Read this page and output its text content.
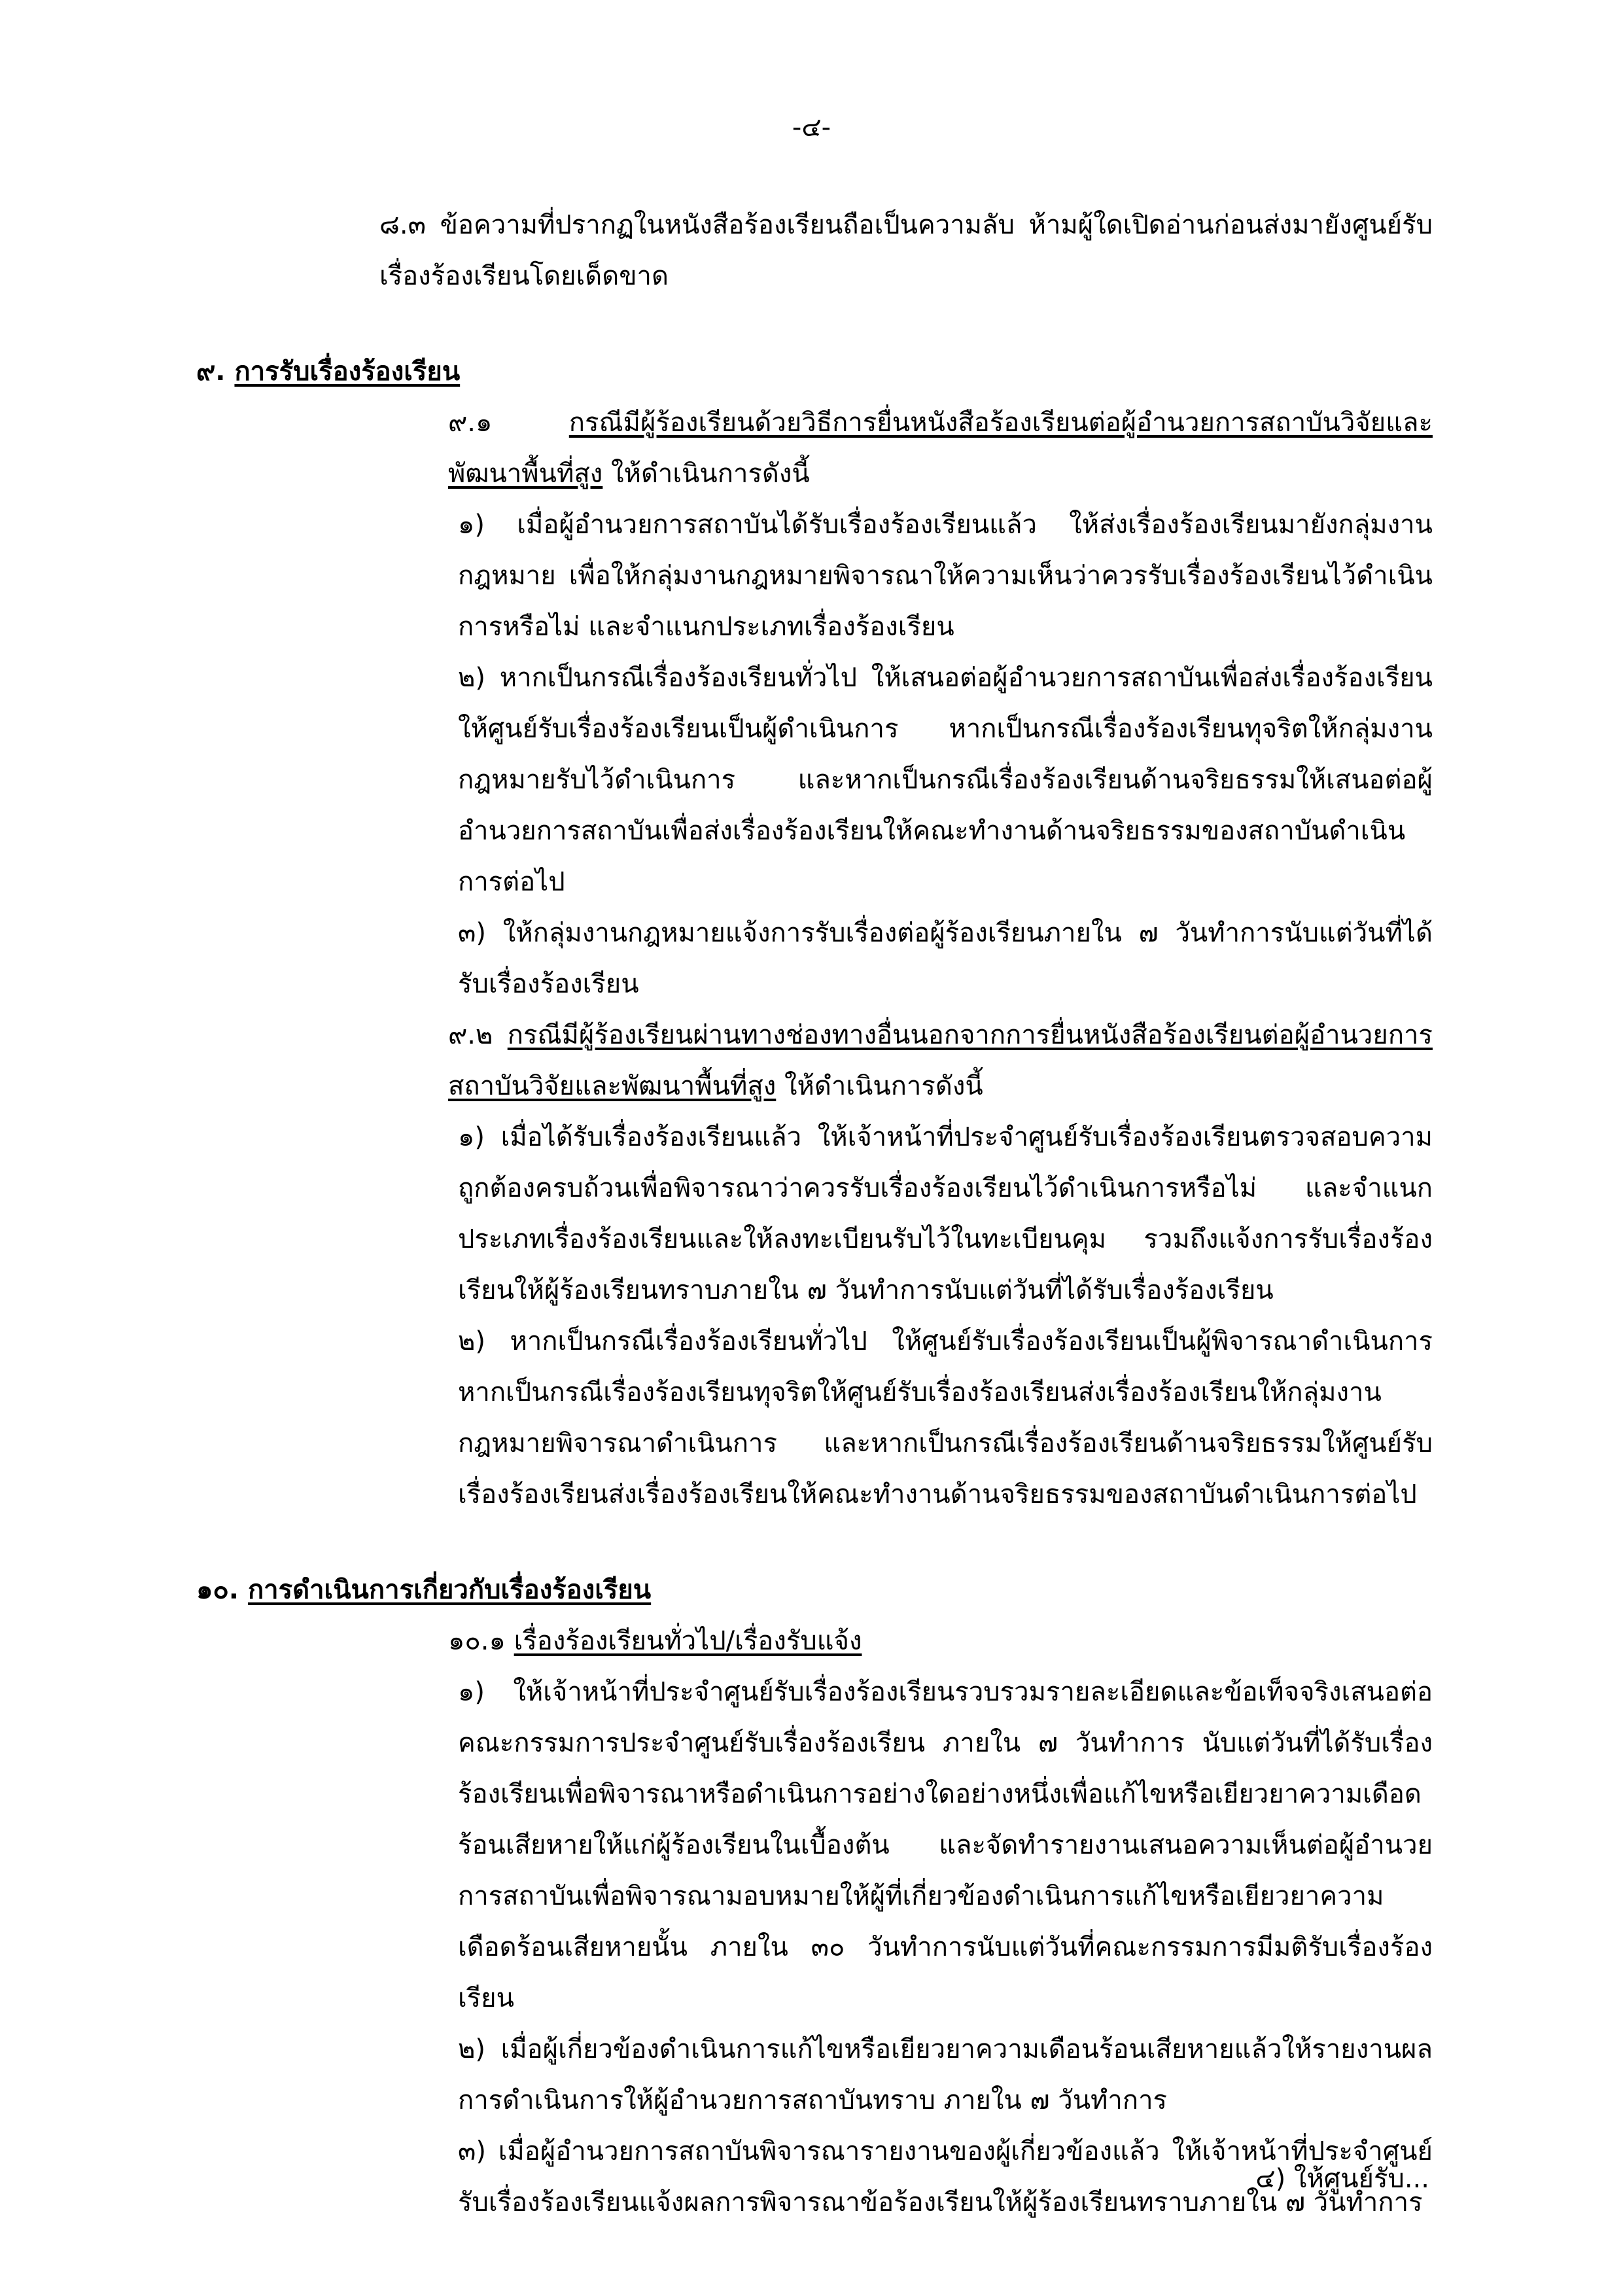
-๔-

๘.๓ ข้อความที่ปรากฏในหนังสือร้องเรียนถือเป็นความลับ ห้ามผู้ใดเปิดอ่านก่อนส่งมายังศูนย์รับเรื่องร้องเรียนโดยเด็ดขาด

๙. การรับเรื่องร้องเรียน

๙.๑	กรณีมีผู้ร้องเรียนด้วยวิธีการยื่นหนังสือร้องเรียนต่อผู้อำนวยการสถาบันวิจัยและพัฒนาพื้นที่สูง ให้ดำเนินการดังนี้

๑) เมื่อผู้อำนวยการสถาบันได้รับเรื่องร้องเรียนแล้ว ให้ส่งเรื่องร้องเรียนมายังกลุ่มงานกฎหมาย เพื่อให้กลุ่มงานกฎหมายพิจารณาให้ความเห็นว่าควรรับเรื่องร้องเรียนไว้ดำเนินการหรือไม่ และจำแนกประเภทเรื่องร้องเรียน

๒) หากเป็นกรณีเรื่องร้องเรียนทั่วไป ให้เสนอต่อผู้อำนวยการสถาบันเพื่อส่งเรื่องร้องเรียนให้ศูนย์รับเรื่องร้องเรียนเป็นผู้ดำเนินการ หากเป็นกรณีเรื่องร้องเรียนทุจริตให้กลุ่มงานกฎหมายรับไว้ดำเนินการ และหากเป็นกรณีเรื่องร้องเรียนด้านจริยธรรมให้เสนอต่อผู้อำนวยการสถาบันเพื่อส่งเรื่องร้องเรียนให้คณะทำงานด้านจริยธรรมของสถาบันดำเนินการต่อไป

๓) ให้กลุ่มงานกฎหมายแจ้งการรับเรื่องต่อผู้ร้องเรียนภายใน ๗ วันทำการนับแต่วันที่ได้รับเรื่องร้องเรียน

๙.๒ กรณีมีผู้ร้องเรียนผ่านทางช่องทางอื่นนอกจากการยื่นหนังสือร้องเรียนต่อผู้อำนวยการสถาบันวิจัยและพัฒนาพื้นที่สูง ให้ดำเนินการดังนี้

๑) เมื่อได้รับเรื่องร้องเรียนแล้ว ให้เจ้าหน้าที่ประจำศูนย์รับเรื่องร้องเรียนตรวจสอบความถูกต้องครบถ้วนเพื่อพิจารณาว่าควรรับเรื่องร้องเรียนไว้ดำเนินการหรือไม่ และจำแนกประเภทเรื่องร้องเรียนและให้ลงทะเบียนรับไว้ในทะเบียนคุม รวมถึงแจ้งการรับเรื่องร้องเรียนให้ผู้ร้องเรียนทราบภายใน ๗ วันทำการนับแต่วันที่ได้รับเรื่องร้องเรียน

๒) หากเป็นกรณีเรื่องร้องเรียนทั่วไป ให้ศูนย์รับเรื่องร้องเรียนเป็นผู้พิจารณาดำเนินการ หากเป็นกรณีเรื่องร้องเรียนทุจริตให้ศูนย์รับเรื่องร้องเรียนส่งเรื่องร้องเรียนให้กลุ่มงานกฎหมายพิจารณาดำเนินการ และหากเป็นกรณีเรื่องร้องเรียนด้านจริยธรรมให้ศูนย์รับเรื่องร้องเรียนส่งเรื่องร้องเรียนให้คณะทำงานด้านจริยธรรมของสถาบันดำเนินการต่อไป

๑๐. การดำเนินการเกี่ยวกับเรื่องร้องเรียน

๑๐.๑ เรื่องร้องเรียนทั่วไป/เรื่องรับแจ้ง

๑) ให้เจ้าหน้าที่ประจำศูนย์รับเรื่องร้องเรียนรวบรวมรายละเอียดและข้อเท็จจริงเสนอต่อคณะกรรมการประจำศูนย์รับเรื่องร้องเรียน ภายใน ๗ วันทำการ นับแต่วันที่ได้รับเรื่องร้องเรียนเพื่อพิจารณาหรือดำเนินการอย่างใดอย่างหนึ่งเพื่อแก้ไขหรือเยียวยาความเดือดร้อนเสียหายให้แก่ผู้ร้องเรียนในเบื้องต้น และจัดทำรายงานเสนอความเห็นต่อผู้อำนวยการสถาบันเพื่อพิจารณามอบหมายให้ผู้ที่เกี่ยวข้องดำเนินการแก้ไขหรือเยียวยาความเดือดร้อนเสียหายนั้น ภายใน ๓๐ วันทำการนับแต่วันที่คณะกรรมการมีมติรับเรื่องร้องเรียน

๒) เมื่อผู้เกี่ยวข้องดำเนินการแก้ไขหรือเยียวยาความเดือนร้อนเสียหายแล้วให้รายงานผลการดำเนินการให้ผู้อำนวยการสถาบันทราบ ภายใน ๗ วันทำการ

๓) เมื่อผู้อำนวยการสถาบันพิจารณารายงานของผู้เกี่ยวข้องแล้ว ให้เจ้าหน้าที่ประจำศูนย์รับเรื่องร้องเรียนแจ้งผลการพิจารณาข้อร้องเรียนให้ผู้ร้องเรียนทราบภายใน ๗ วันทำการ

๔) ให้ศูนย์รับ...
